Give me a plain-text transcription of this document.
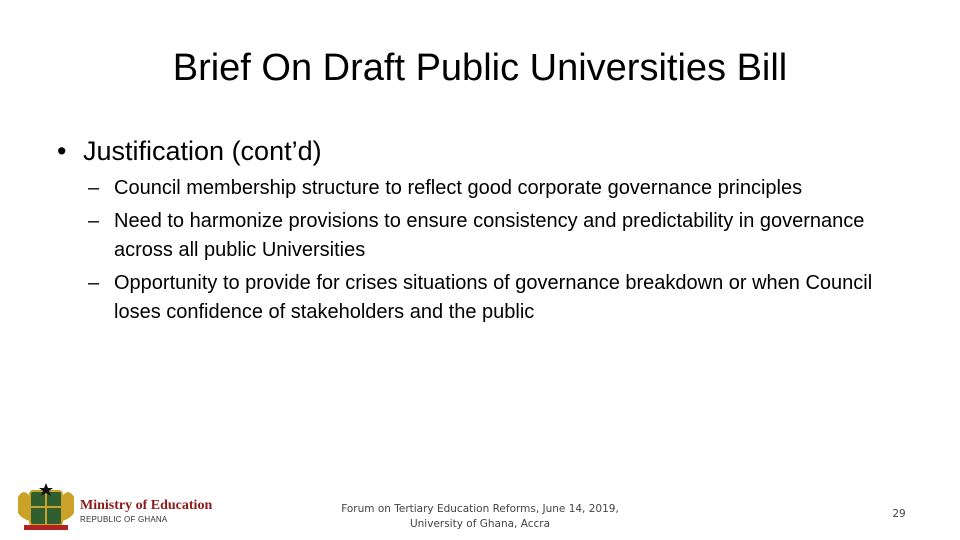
Brief On Draft Public Universities Bill
• Justification (cont’d)
– Council membership structure to reflect good corporate governance principles
– Need to harmonize provisions to ensure consistency and predictability in governance across all public Universities
– Opportunity to provide for crises situations of governance breakdown or when Council loses confidence of stakeholders and the public
Ministry of Education
REPUBLIC OF GHANA
Forum on Tertiary Education Reforms, June 14, 2019,
University of Ghana, Accra
29
